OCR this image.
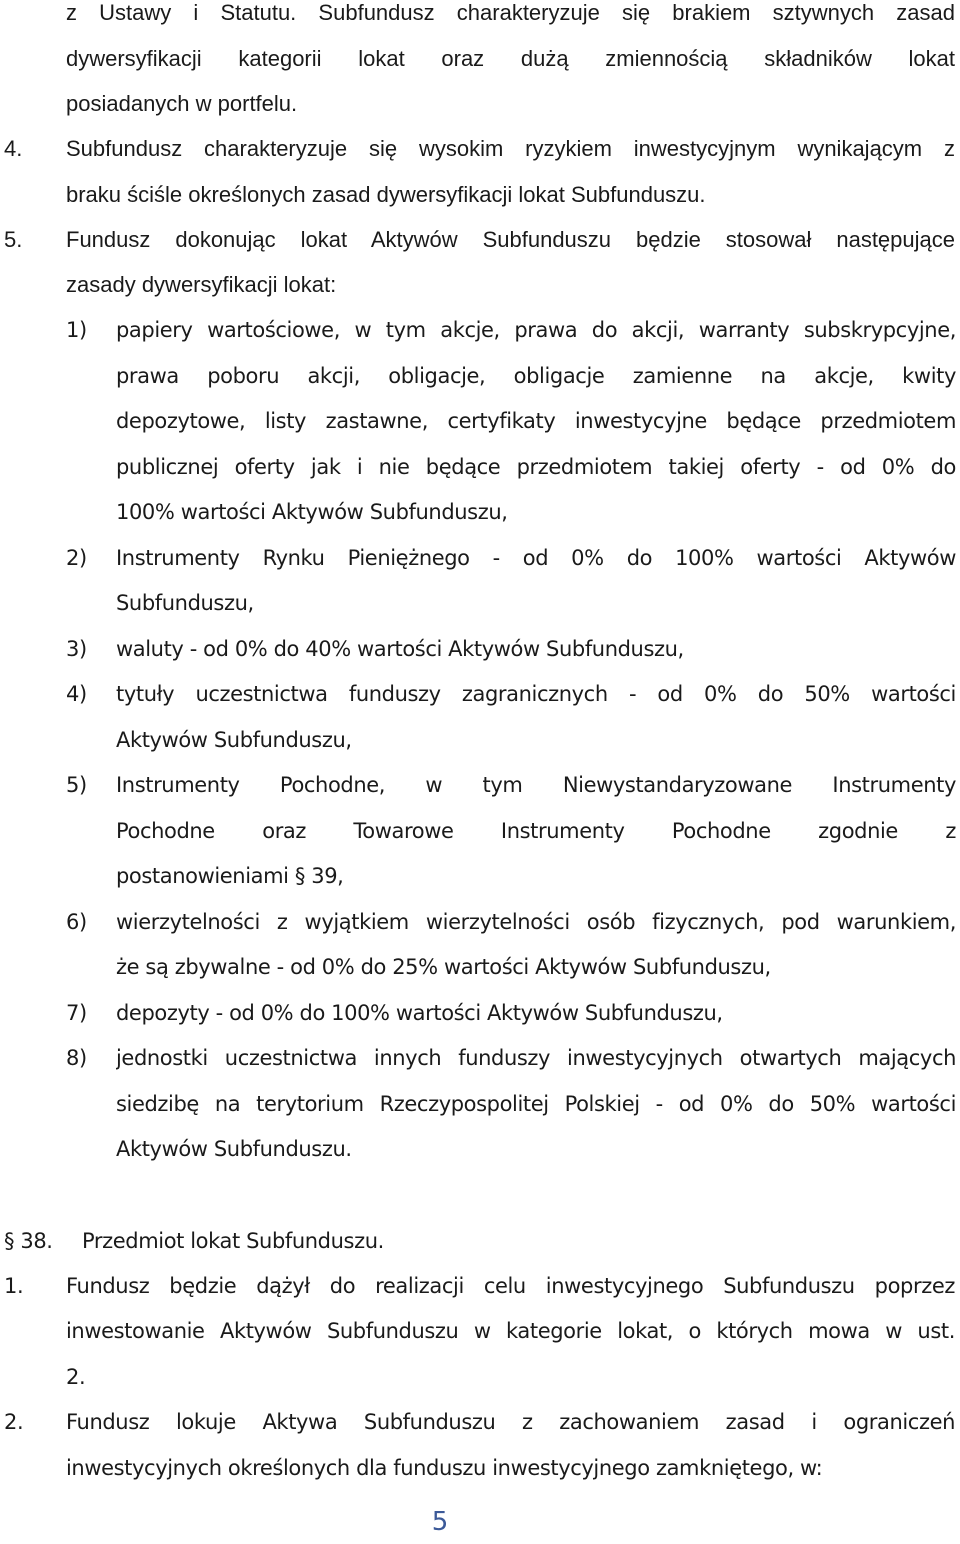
z Ustawy i Statutu. Subfundusz charakteryzuje się brakiem sztywnych zasad
dywersyfikacji kategorii lokat oraz dużą zmiennością składników lokat
posiadanych w portfelu.
4. Subfundusz charakteryzuje się wysokim ryzykiem inwestycyjnym wynikającym z
braku ściśle określonych zasad dywersyfikacji lokat Subfunduszu.
5. Fundusz dokonując lokat Aktywów Subfunduszu będzie stosował następujące
zasady dywersyfikacji lokat:
1) papiery wartościowe, w tym akcje, prawa do akcji, warranty subskrypcyjne,
prawa poboru akcji, obligacje, obligacje zamienne na akcje, kwity
depozytowe, listy zastawne, certyfikaty inwestycyjne będące przedmiotem
publicznej oferty jak i nie będące przedmiotem takiej oferty - od 0% do
100% wartości Aktywów Subfunduszu,
2) Instrumenty Rynku Pieniężnego - od 0% do 100% wartości Aktywów
Subfunduszu,
3) waluty - od 0% do 40% wartości Aktywów Subfunduszu,
4) tytuły uczestnictwa funduszy zagranicznych - od 0% do 50% wartości
Aktywów Subfunduszu,
5) Instrumenty Pochodne, w tym Niewystandaryzowane Instrumenty
Pochodne oraz Towarowe Instrumenty Pochodne zgodnie z
postanowieniami § 39,
6) wierzytelności z wyjątkiem wierzytelności osób fizycznych, pod warunkiem,
że są zbywalne - od 0% do 25% wartości Aktywów Subfunduszu,
7) depozyty - od 0% do 100% wartości Aktywów Subfunduszu,
8) jednostki uczestnictwa innych funduszy inwestycyjnych otwartych mających
siedzibę na terytorium Rzeczypospolitej Polskiej - od 0% do 50% wartości
Aktywów Subfunduszu.
§ 38. Przedmiot lokat Subfunduszu.
1. Fundusz będzie dążył do realizacji celu inwestycyjnego Subfunduszu poprzez
inwestowanie Aktywów Subfunduszu w kategorie lokat, o których mowa w ust.
2.
2. Fundusz lokuje Aktywa Subfunduszu z zachowaniem zasad i ograniczeń
inwestycyjnych określonych dla funduszu inwestycyjnego zamkniętego, w:
5
